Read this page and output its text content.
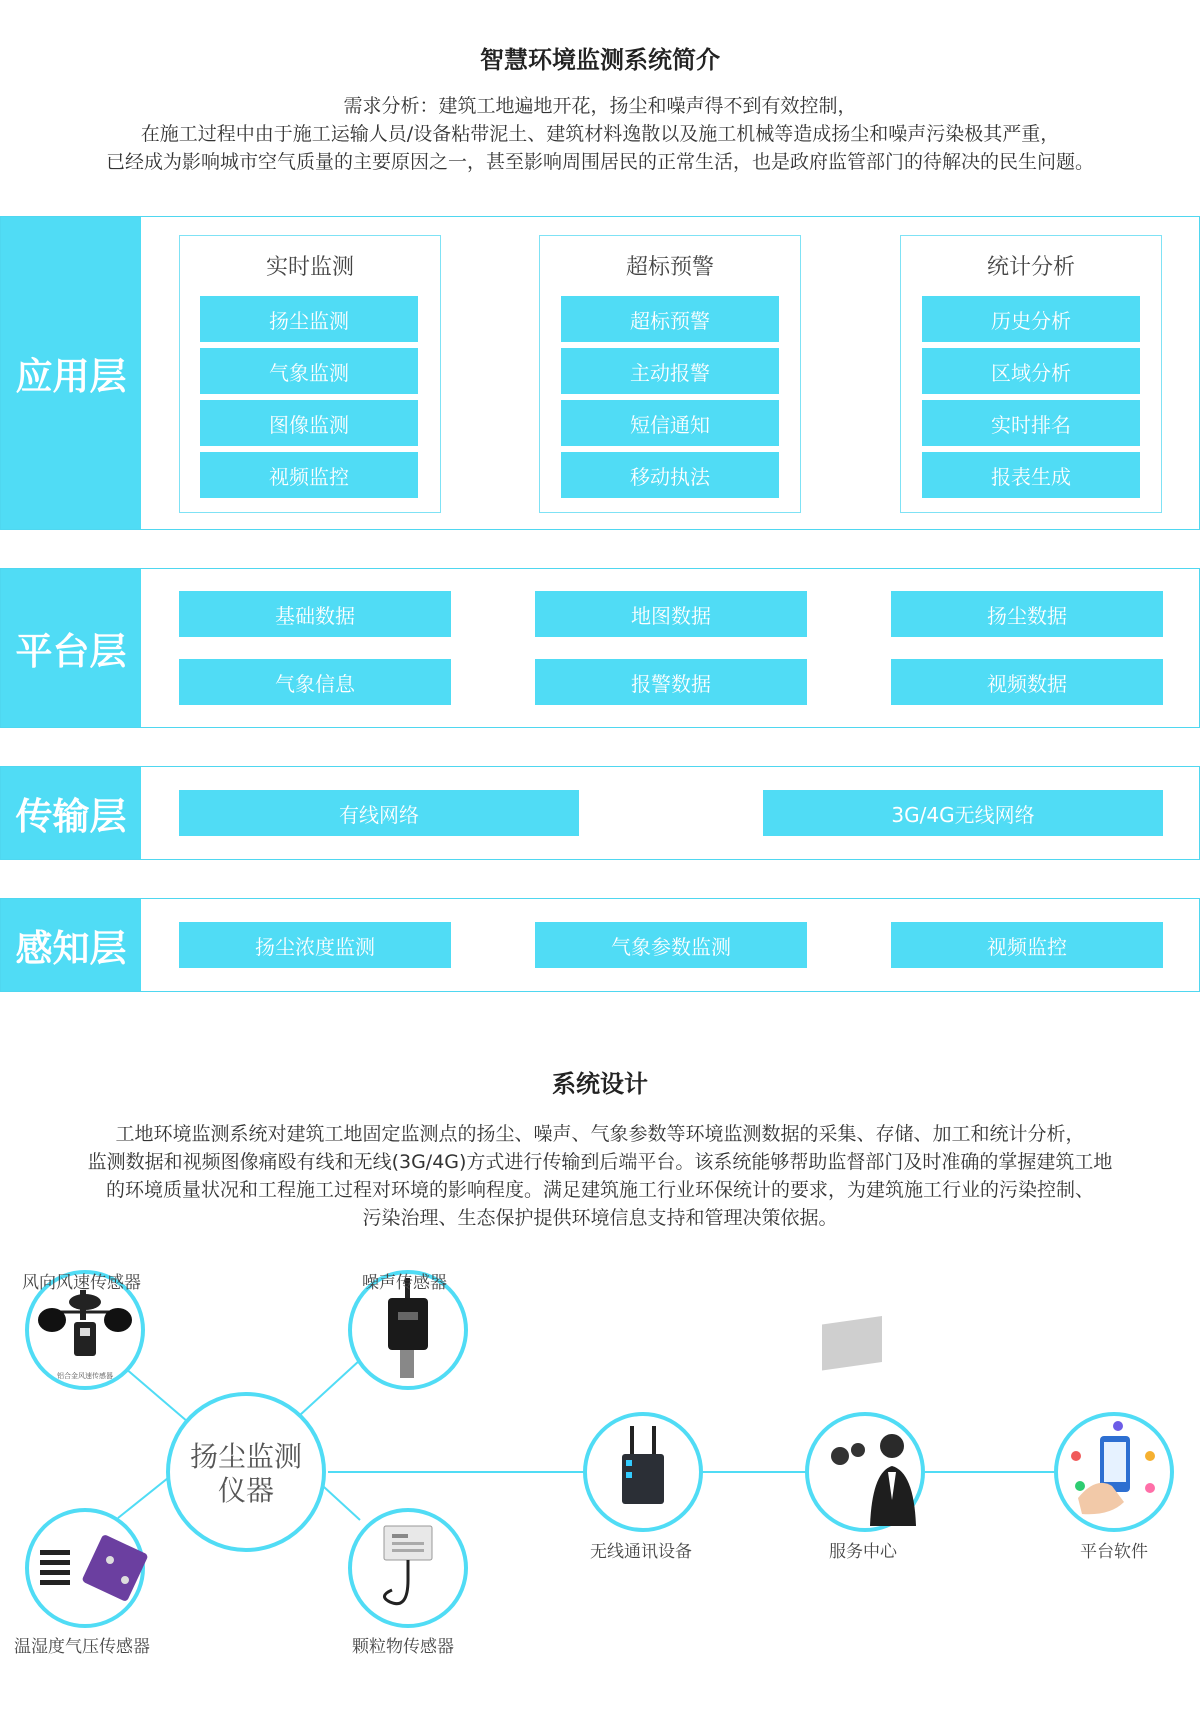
智慧环境监测系统简介
需求分析：建筑工地遍地开花，扬尘和噪声得不到有效控制，
在施工过程中由于施工运输人员/设备粘带泥土、建筑材料逸散以及施工机械等造成扬尘和噪声污染极其严重，
已经成为影响城市空气质量的主要原因之一，甚至影响周围居民的正常生活，也是政府监管部门的待解决的民生问题。
应用层
实时监测
扬尘监测
气象监测
图像监测
视频监控
超标预警
超标预警
主动报警
短信通知
移动执法
统计分析
历史分析
区域分析
实时排名
报表生成
平台层
基础数据	地图数据	扬尘数据
气象信息	报警数据	视频数据
传输层	有线网络	3G/4G无线网络
感知层	扬尘浓度监测	气象参数监测	视频监控
系统设计
工地环境监测系统对建筑工地固定监测点的扬尘、噪声、气象参数等环境监测数据的采集、存储、加工和统计分析，
监测数据和视频图像痛殴有线和无线(3G/4G)方式进行传输到后端平台。该系统能够帮助监督部门及时准确的掌握建筑工地
的环境质量状况和工程施工过程对环境的影响程度。满足建筑施工行业环保统计的要求，为建筑施工行业的污染控制、
污染治理、生态保护提供环境信息支持和管理决策依据。
铝合金风速传感器
扬尘监测
仪器
风向风速传感器	噪声传感器
温湿度气压传感器	颗粒物传感器
无线通讯设备	服务中心	平台软件
